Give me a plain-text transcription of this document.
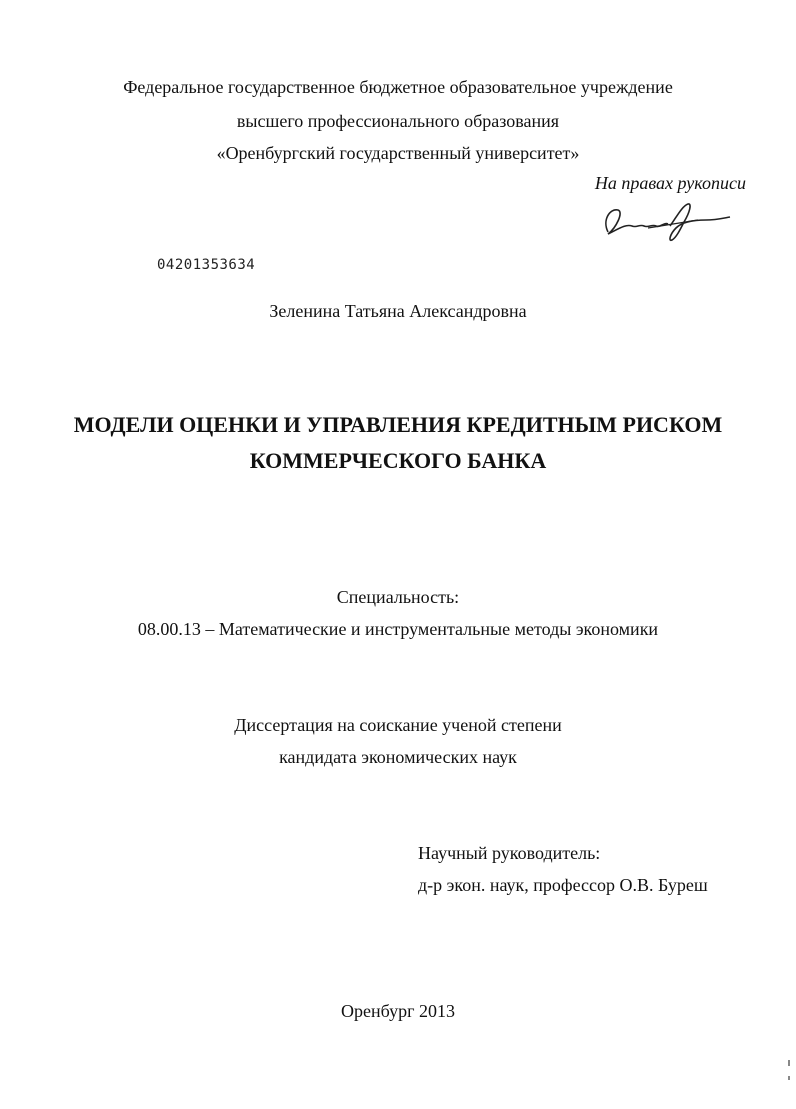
Федеральное государственное бюджетное образовательное учреждение
высшего профессионального образования
«Оренбургский государственный университет»
На правах рукописи
04201353634
Зеленина Татьяна Александровна
МОДЕЛИ ОЦЕНКИ И УПРАВЛЕНИЯ КРЕДИТНЫМ РИСКОМ
КОММЕРЧЕСКОГО БАНКА
Специальность:
08.00.13 – Математические и инструментальные методы экономики
Диссертация на соискание ученой степени
кандидата экономических наук
Научный руководитель:
д-р экон. наук, профессор О.В. Буреш
Оренбург 2013
